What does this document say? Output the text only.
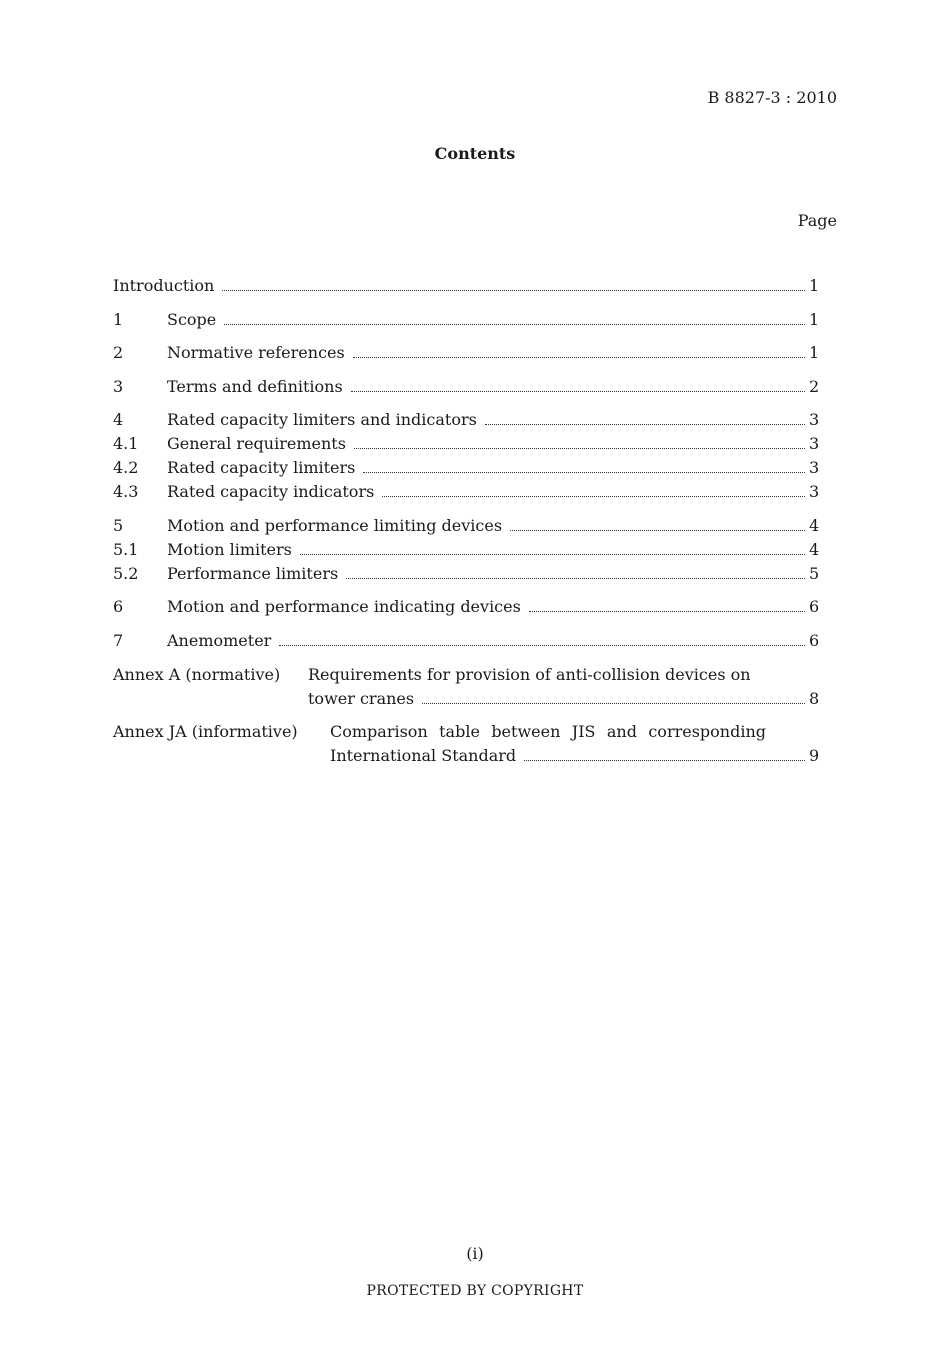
B 8827-3 : 2010
Contents
Page
Introduction	1
1	Scope	1
2	Normative references	1
3	Terms and definitions	2
4	Rated capacity limiters and indicators	3
4.1	General requirements	3
4.2	Rated capacity limiters	3
4.3	Rated capacity indicators	3
5	Motion and performance limiting devices	4
5.1	Motion limiters	4
5.2	Performance limiters	5
6	Motion and performance indicating devices	6
7	Anemometer	6
Annex A (normative) Requirements for provision of anti-collision devices on
tower cranes	8
Annex JA (informative) Comparison table between JIS and corresponding
International Standard	9
(i)
PROTECTED BY COPYRIGHT
